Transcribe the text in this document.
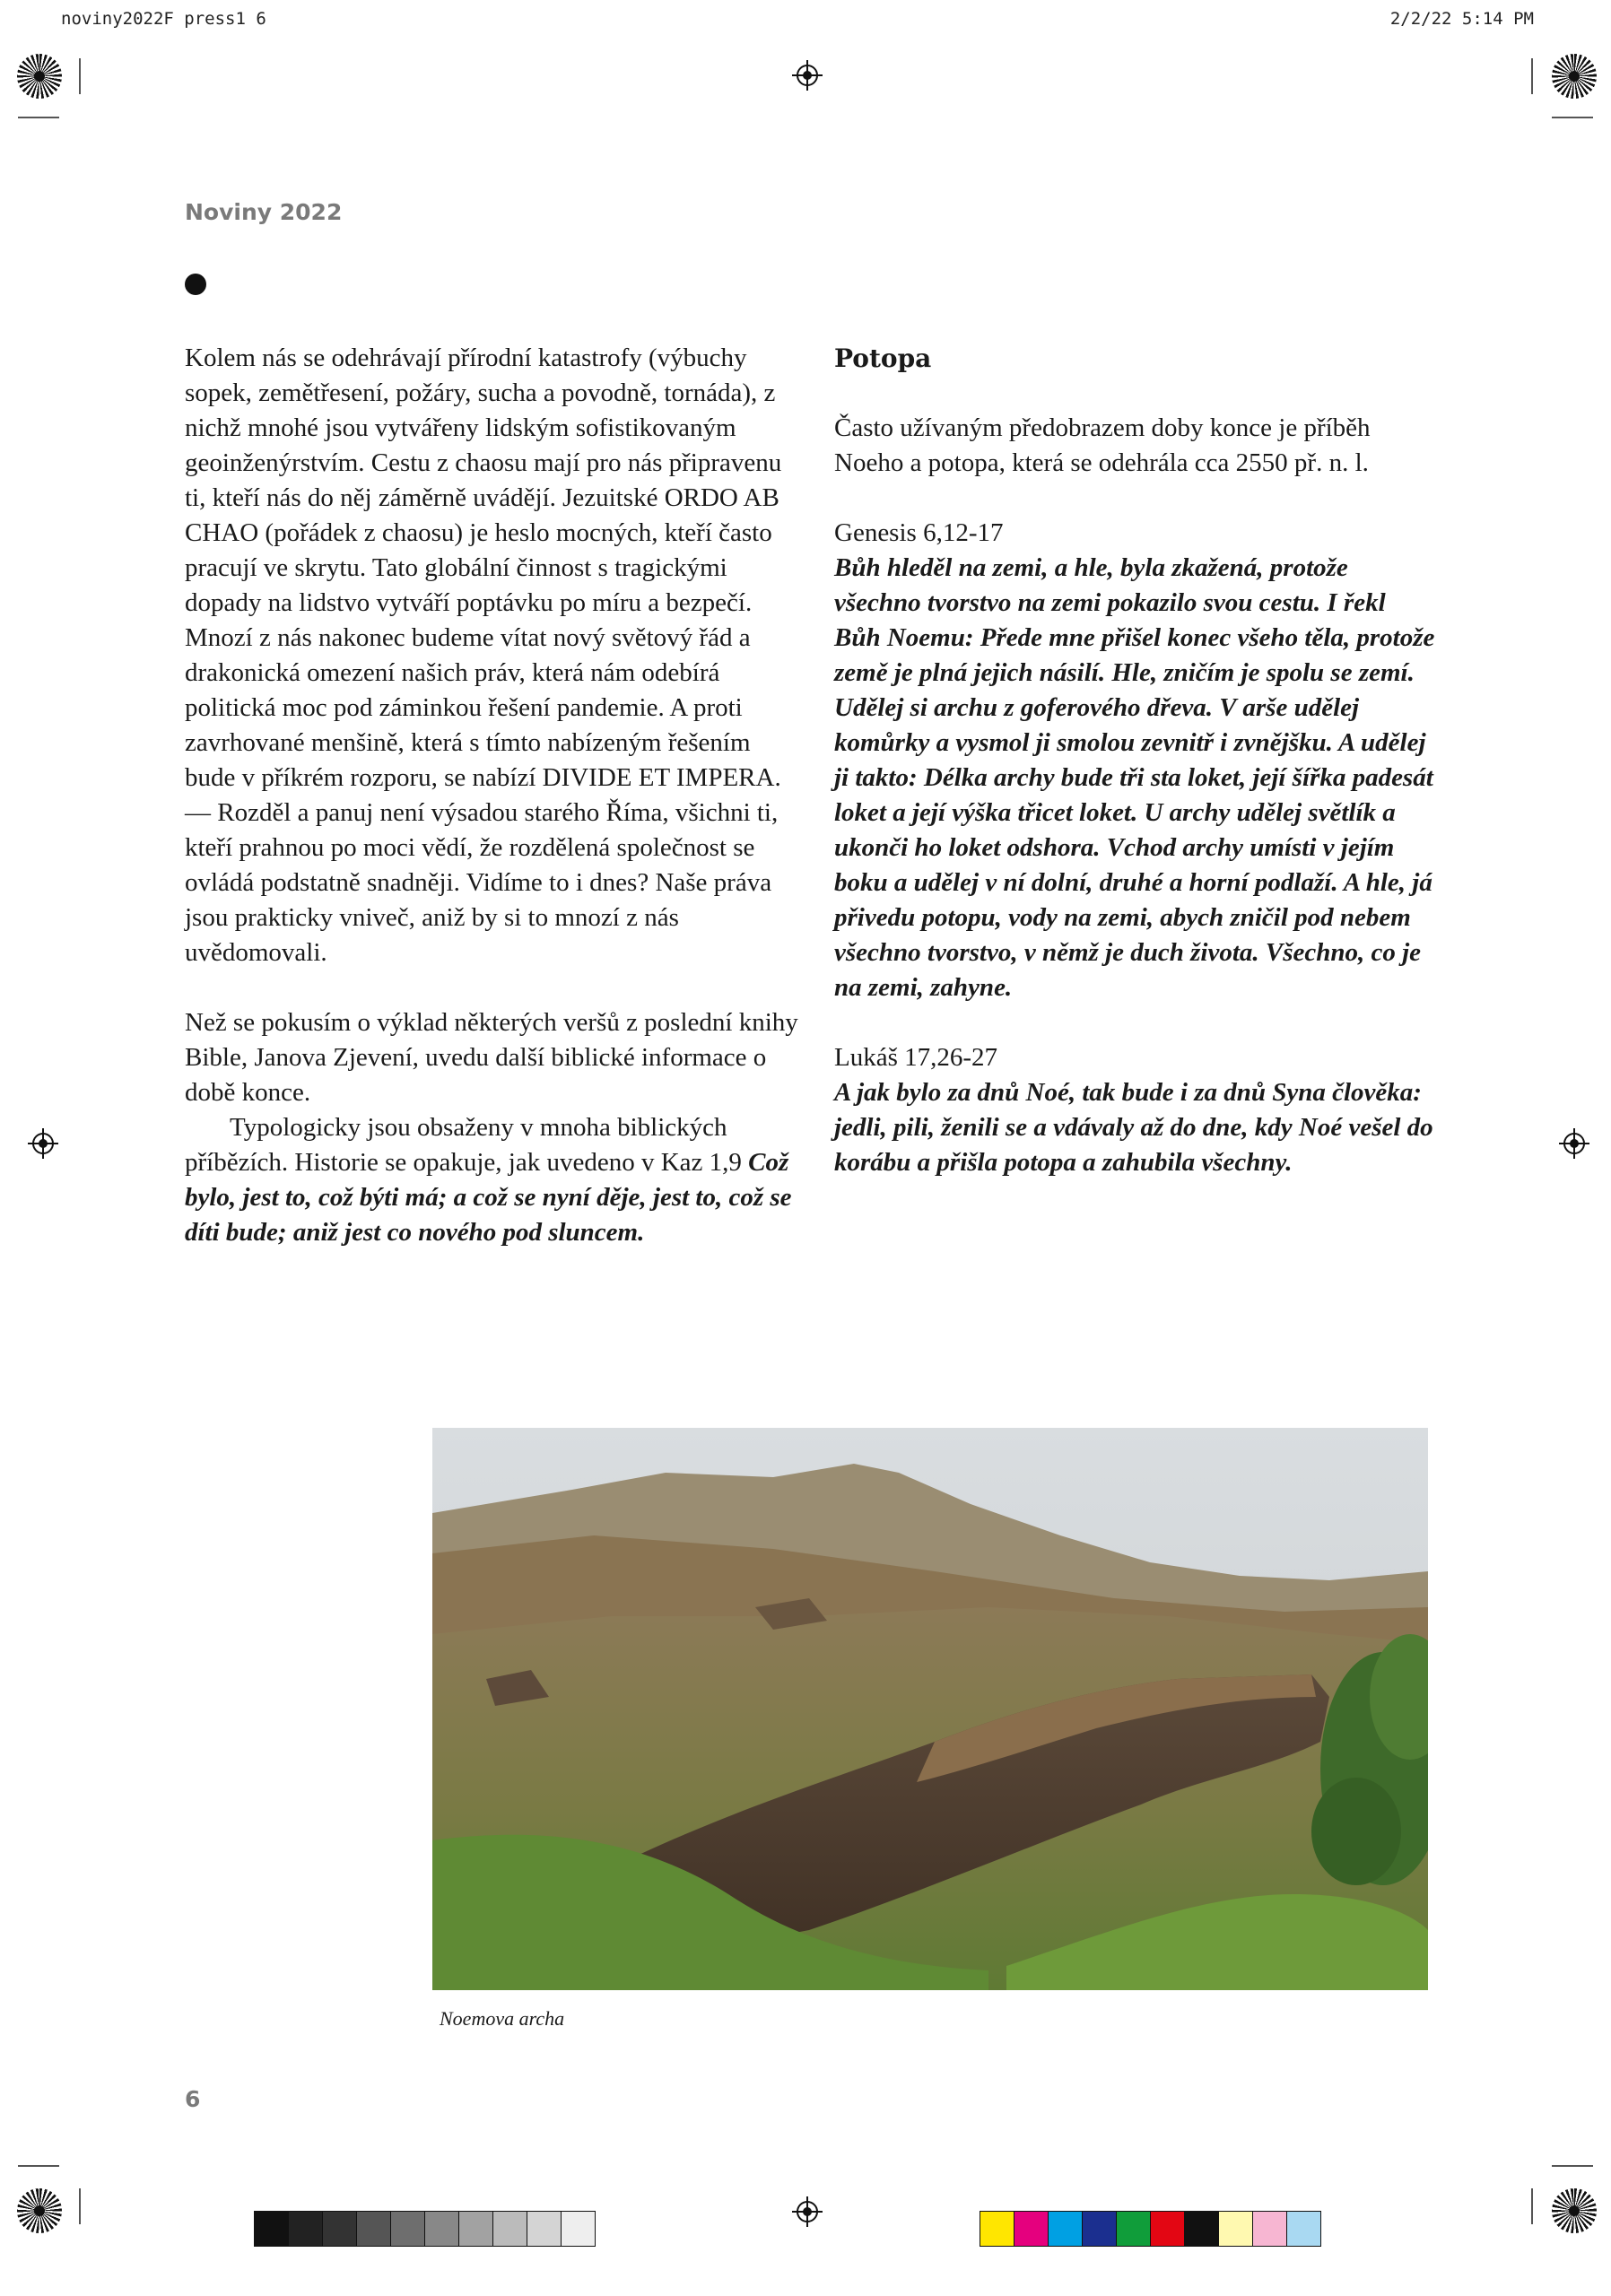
noviny2022F press1 6	2/2/22 5:14 PM
Noviny 2022

Kolem nás se odehrávají přírodní katastrofy (výbuchy sopek, zemětřesení, požáry, sucha a povodně, tornáda), z nichž mnohé jsou vytvářeny lidským sofistikovaným geoinženýrstvím. Cestu z chaosu mají pro nás připravenu ti, kteří nás do něj záměrně uvádějí. Jezuitské ORDO AB CHAO (pořádek z chaosu) je heslo mocných, kteří často pracují ve skrytu. Tato globální činnost s tragickými dopady na lidstvo vytváří poptávku po míru a bezpečí. Mnozí z nás nakonec budeme vítat nový světový řád a drakonická omezení našich práv, která nám odebírá politická moc pod záminkou řešení pandemie. A proti zavrhované menšině, která s tímto nabízeným řešením bude v příkrém rozporu, se nabízí DIVIDE ET IMPERA. — Rozděl a panuj není výsadou starého Říma, všichni ti, kteří prahnou po moci vědí, že rozdělená společnost se ovládá podstatně snadněji. Vidíme to i dnes? Naše práva jsou prakticky vniveč, aniž by si to mnozí z nás uvědomovali.

Než se pokusím o výklad některých veršů z poslední knihy Bible, Janova Zjevení, uvedu další biblické informace o době konce.

Typologicky jsou obsaženy v mnoha biblických příbězích. Historie se opakuje, jak uvedeno v Kaz 1,9 Což bylo, jest to, což býti má; a což se nyní děje, jest to, což se díti bude; aniž jest co nového pod sluncem.

Potopa

Často užívaným předobrazem doby konce je příběh Noeho a potopa, která se odehrála cca 2550 př. n. l.

Genesis 6,12-17

Bůh hleděl na zemi, a hle, byla zkažená, protože všechno tvorstvo na zemi pokazilo svou cestu. I řekl Bůh Noemu: Přede mne přišel konec všeho těla, protože země je plná jejich násilí. Hle, zničím je spolu se zemí. Udělej si archu z goferového dřeva. V arše udělej komůrky a vysmol ji smolou zevnitř i zvnějšku. A udělej ji takto: Délka archy bude tři sta loket, její šířka padesát loket a její výška třicet loket. U archy udělej světlík a ukonči ho loket odshora. Vchod archy umísti v jejím boku a udělej v ní dolní, druhé a horní podlaží. A hle, já přivedu potopu, vody na zemi, abych zničil pod nebem všechno tvorstvo, v němž je duch života. Všechno, co je na zemi, zahyne.

Lukáš 17,26-27

A jak bylo za dnů Noé, tak bude i za dnů Syna člověka: jedli, pili, ženili se a vdávaly až do dne, kdy Noé vešel do korábu a přišla potopa a zahubila všechny.

Noemova archa
6
